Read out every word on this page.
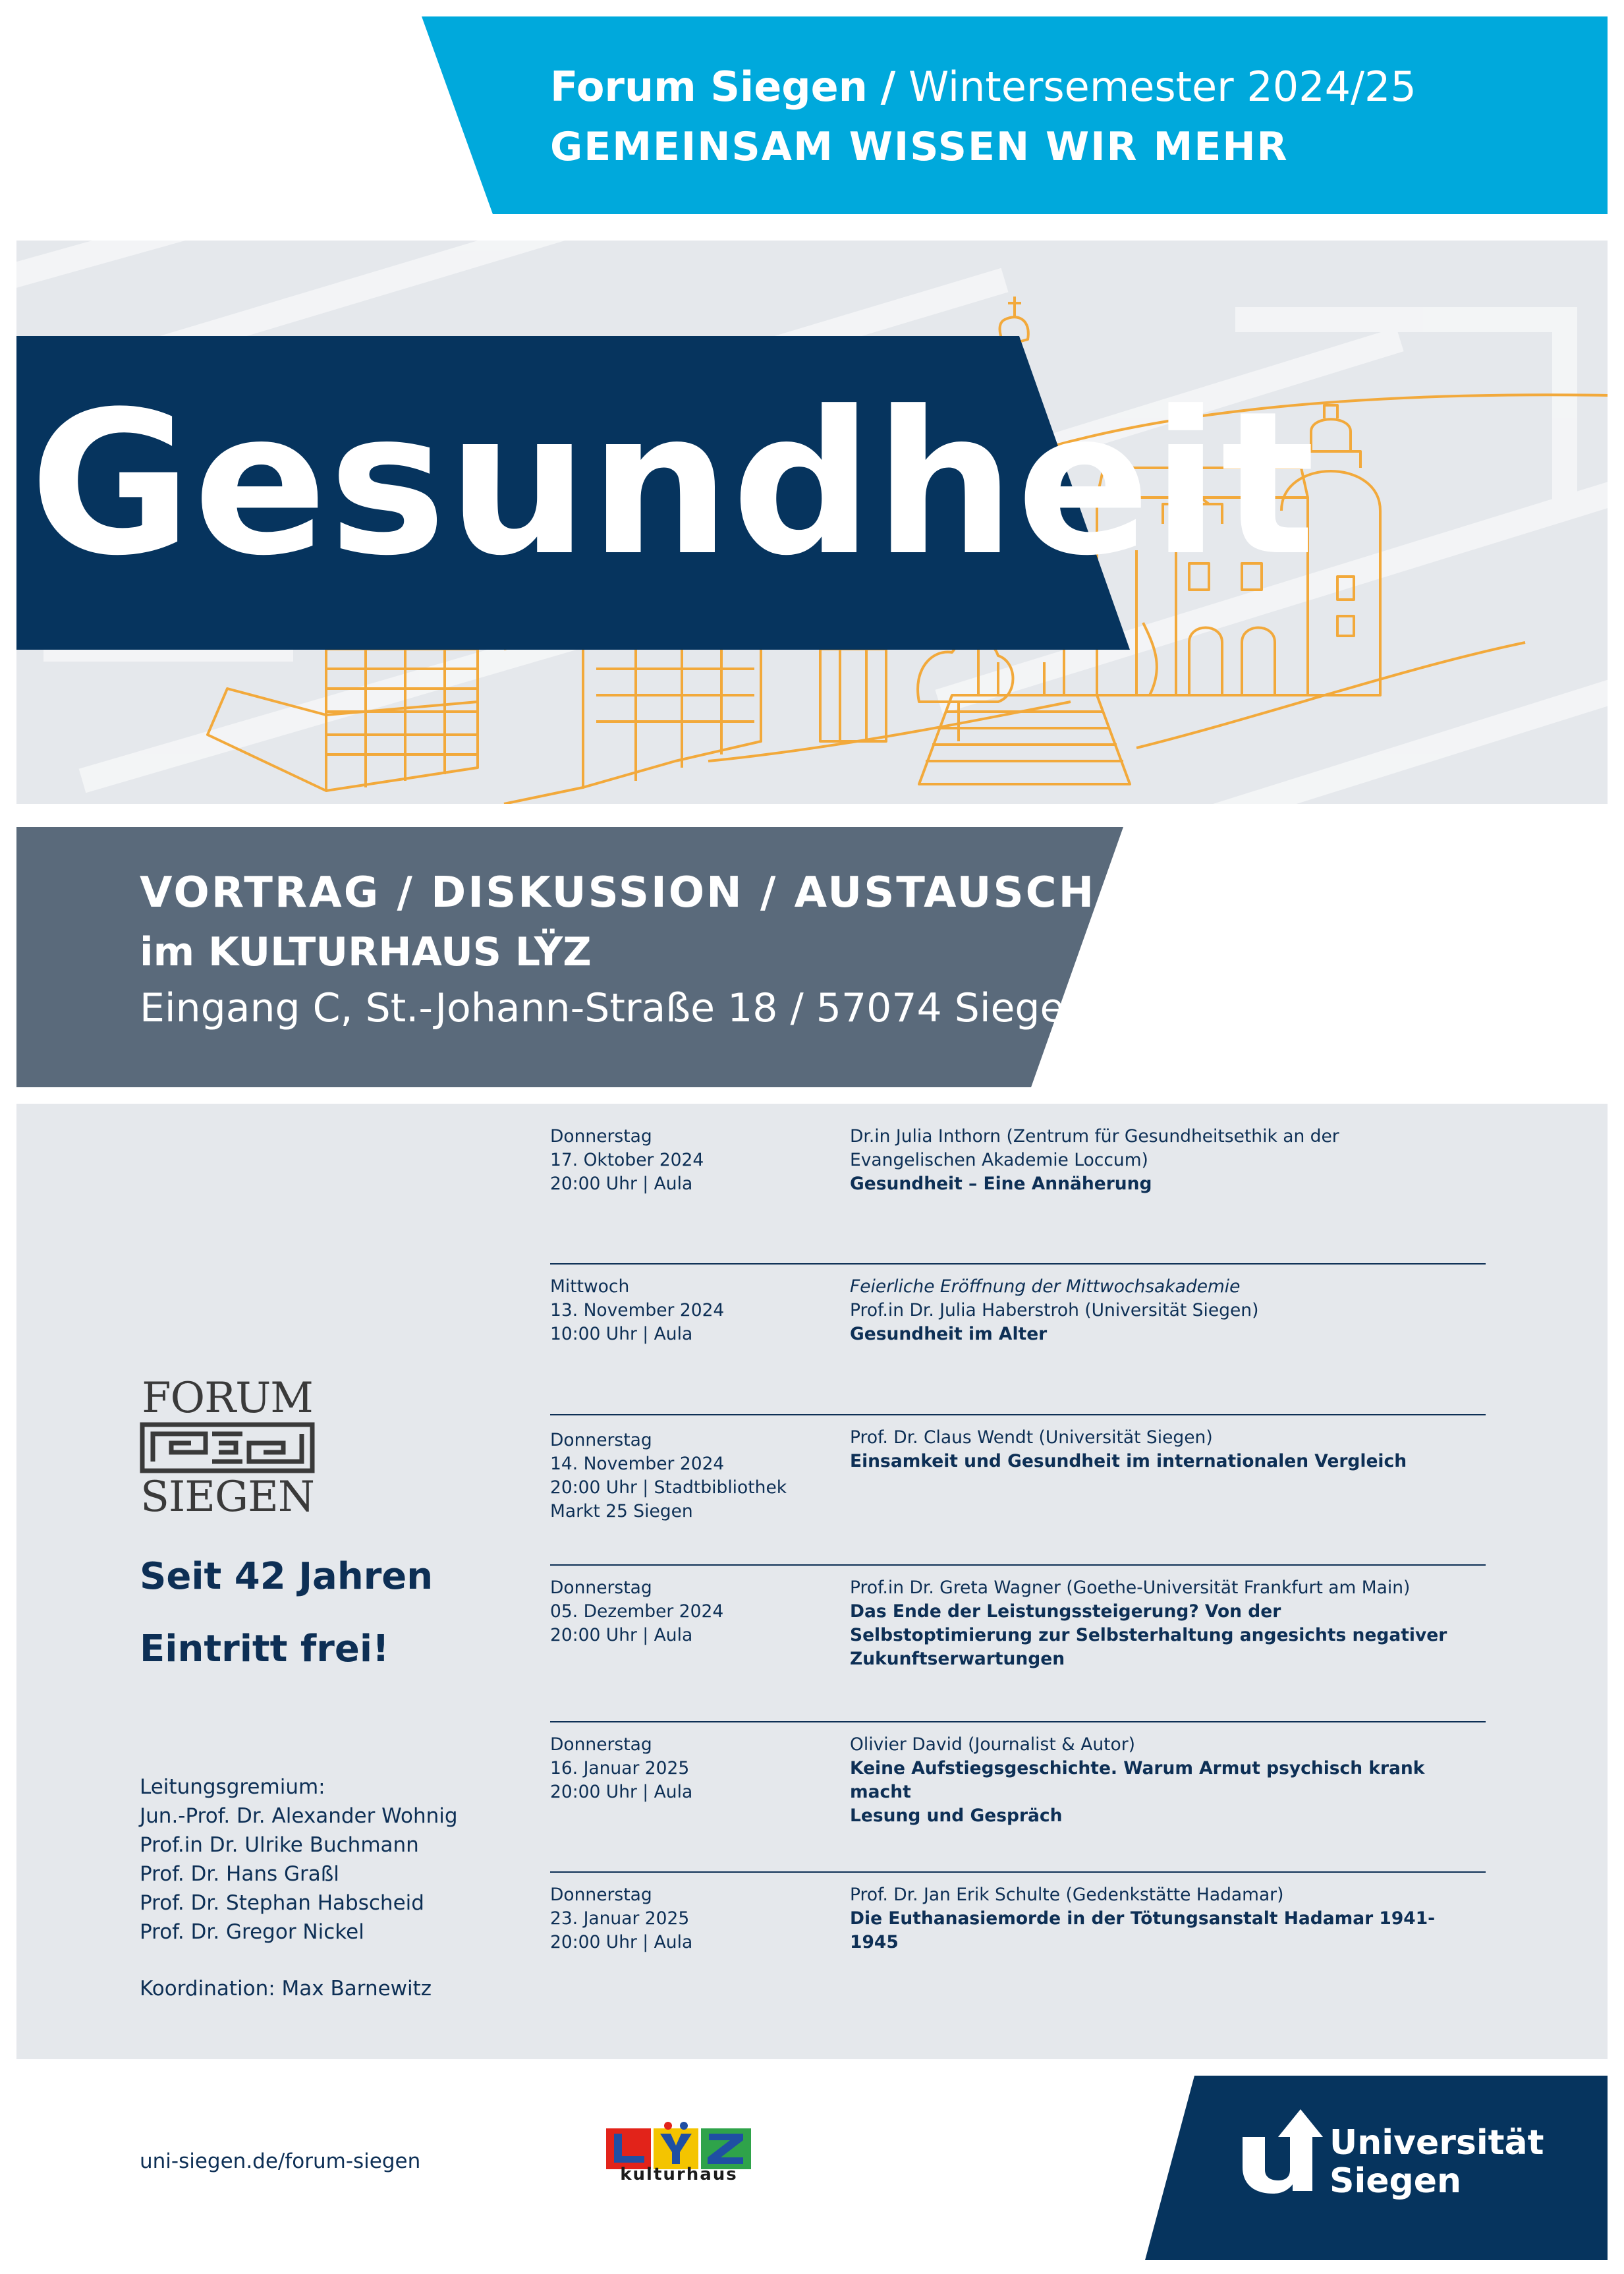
Forum Siegen / Wintersemester 2024/25
GEMEINSAM WISSEN WIR MEHR
Gesundheit
VORTRAG / DISKUSSION / AUSTAUSCH
im KULTURHAUS LŸZ
Eingang C, St.-Johann-Straße 18 / 57074 Siegen
FORUM
SIEGEN
Seit 42 Jahren
Eintritt frei!
Leitungsgremium:
Jun.-Prof. Dr. Alexander Wohnig
Prof.in Dr. Ulrike Buchmann
Prof. Dr. Hans Graßl
Prof. Dr. Stephan Habscheid
Prof. Dr. Gregor Nickel
Koordination: Max Barnewitz
Donnerstag
17. Oktober 2024
20:00 Uhr | Aula
Dr.in Julia Inthorn (Zentrum für Gesundheitsethik an der Evangelischen Akademie Loccum)
Gesundheit – Eine Annäherung
Mittwoch
13. November 2024
10:00 Uhr | Aula
Feierliche Eröffnung der Mittwochsakademie
Prof.in Dr. Julia Haberstroh (Universität Siegen)
Gesundheit im Alter
Donnerstag
14. November 2024
20:00 Uhr | Stadtbibliothek
Markt 25 Siegen
Prof. Dr. Claus Wendt (Universität Siegen)
Einsamkeit und Gesundheit im internationalen Vergleich
Donnerstag
05. Dezember 2024
20:00 Uhr | Aula
Prof.in Dr. Greta Wagner (Goethe-Universität Frankfurt am Main)
Das Ende der Leistungssteigerung? Von der Selbstoptimierung zur Selbsterhaltung angesichts negativer Zukunftserwartungen
Donnerstag
16. Januar 2025
20:00 Uhr | Aula
Olivier David (Journalist & Autor)
Keine Aufstiegsgeschichte. Warum Armut psychisch krank macht
Lesung und Gespräch
Donnerstag
23. Januar 2025
20:00 Uhr | Aula
Prof. Dr. Jan Erik Schulte (Gedenkstätte Hadamar)
Die Euthanasiemorde in der Tötungsanstalt Hadamar 1941-1945
uni-siegen.de/forum-siegen
kulturhaus
Universität
Siegen
